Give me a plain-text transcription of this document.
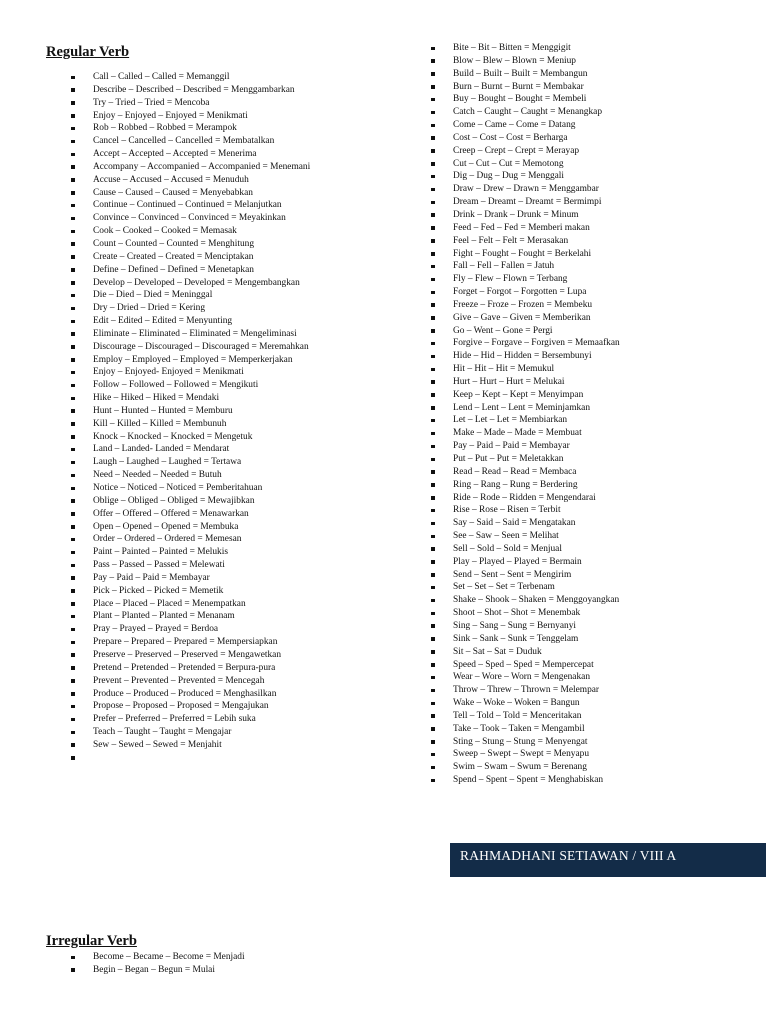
Regular Verb
Call – Called – Called = Memanggil
Describe – Described – Described = Menggambarkan
Try – Tried – Tried = Mencoba
Enjoy – Enjoyed – Enjoyed = Menikmati
Rob – Robbed – Robbed = Merampok
Cancel – Cancelled – Cancelled = Membatalkan
Accept – Accepted – Accepted = Menerima
Accompany – Accompanied – Accompanied = Menemani
Accuse – Accused – Accused = Menuduh
Cause – Caused – Caused = Menyebabkan
Continue – Continued – Continued = Melanjutkan
Convince – Convinced – Convinced = Meyakinkan
Cook – Cooked – Cooked = Memasak
Count – Counted – Counted = Menghitung
Create – Created – Created = Menciptakan
Define – Defined – Defined = Menetapkan
Develop – Developed – Developed = Mengembangkan
Die – Died – Died = Meninggal
Dry – Dried – Dried = Kering
Edit – Edited – Edited = Menyunting
Eliminate – Eliminated – Eliminated = Mengeliminasi
Discourage – Discouraged – Discouraged = Meremahkan
Employ – Employed – Employed = Memperkerjakan
Enjoy – Enjoyed- Enjoyed = Menikmati
Follow – Followed – Followed = Mengikuti
Hike – Hiked – Hiked = Mendaki
Hunt – Hunted – Hunted = Memburu
Kill – Killed – Killed = Membunuh
Knock – Knocked – Knocked = Mengetuk
Land – Landed- Landed = Mendarat
Laugh – Laughed – Laughed = Tertawa
Need – Needed – Needed = Butuh
Notice – Noticed – Noticed = Pemberitahuan
Oblige – Obliged – Obliged = Mewajibkan
Offer – Offered – Offered = Menawarkan
Open – Opened – Opened = Membuka
Order – Ordered – Ordered = Memesan
Paint – Painted – Painted = Melukis
Pass – Passed – Passed = Melewati
Pay – Paid – Paid = Membayar
Pick – Picked – Picked = Memetik
Place – Placed – Placed = Menempatkan
Plant – Planted – Planted = Menanam
Pray – Prayed – Prayed = Berdoa
Prepare – Prepared – Prepared = Mempersiapkan
Preserve – Preserved – Preserved = Mengawetkan
Pretend – Pretended – Pretended = Berpura-pura
Prevent – Prevented – Prevented = Mencegah
Produce – Produced – Produced = Menghasilkan
Propose – Proposed – Proposed = Mengajukan
Prefer – Preferred – Preferred = Lebih suka
Teach – Taught – Taught = Mengajar
Sew – Sewed – Sewed = Menjahit
Bite – Bit – Bitten = Menggigit
Blow – Blew – Blown = Meniup
Build – Built – Built = Membangun
Burn – Burnt – Burnt = Membakar
Buy – Bought – Bought = Membeli
Catch – Caught – Caught = Menangkap
Come – Came – Come = Datang
Cost – Cost – Cost = Berharga
Creep – Crept – Crept = Merayap
Cut – Cut – Cut = Memotong
Dig – Dug – Dug = Menggali
Draw – Drew – Drawn = Menggambar
Dream – Dreamt – Dreamt = Bermimpi
Drink – Drank – Drunk = Minum
Feed – Fed – Fed = Memberi makan
Feel – Felt – Felt = Merasakan
Fight – Fought – Fought = Berkelahi
Fall – Fell – Fallen = Jatuh
Fly – Flew – Flown = Terbang
Forget – Forgot – Forgotten = Lupa
Freeze – Froze – Frozen = Membeku
Give – Gave – Given = Memberikan
Go – Went – Gone = Pergi
Forgive – Forgave – Forgiven = Memaafkan
Hide – Hid – Hidden = Bersembunyi
Hit – Hit – Hit = Memukul
Hurt – Hurt – Hurt = Melukai
Keep – Kept – Kept = Menyimpan
Lend – Lent – Lent = Meminjamkan
Let – Let – Let = Membiarkan
Make – Made – Made = Membuat
Pay – Paid – Paid = Membayar
Put – Put – Put = Meletakkan
Read – Read – Read = Membaca
Ring – Rang – Rung = Berdering
Ride – Rode – Ridden = Mengendarai
Rise – Rose – Risen = Terbit
Say – Said – Said = Mengatakan
See – Saw – Seen = Melihat
Sell – Sold – Sold = Menjual
Play – Played – Played = Bermain
Send – Sent – Sent = Mengirim
Set – Set – Set = Terbenam
Shake – Shook – Shaken = Menggoyangkan
Shoot – Shot – Shot = Menembak
Sing – Sang – Sung = Bernyanyi
Sink – Sank – Sunk = Tenggelam
Sit – Sat – Sat = Duduk
Speed – Sped – Sped = Mempercepat
Wear – Wore – Worn = Mengenakan
Throw – Threw – Thrown = Melempar
Wake – Woke – Woken = Bangun
Tell – Told – Told = Menceritakan
Take – Took – Taken = Mengambil
Sting – Stung – Stung = Menyengat
Sweep – Swept – Swept = Menyapu
Swim – Swam – Swum = Berenang
Spend – Spent – Spent = Menghabiskan
RAHMADHANI SETIAWAN / VIII A
Irregular Verb
Become – Became – Become = Menjadi
Begin – Began – Begun = Mulai
